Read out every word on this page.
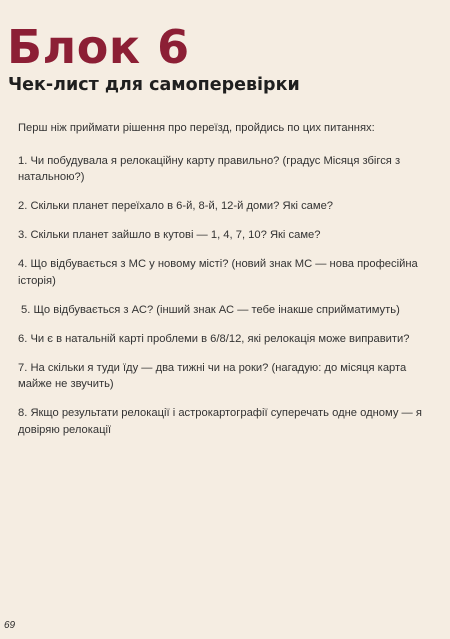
Блок 6
Чек-лист для самоперевірки

Перш ніж приймати рішення про переїзд, пройдись по цих питаннях:

1. Чи побудувала я релокаційну карту правильно? (градус Місяця збігся з натальною?)

2. Скільки планет переїхало в 6-й, 8-й, 12-й доми? Які саме?

3. Скільки планет зайшло в кутові — 1, 4, 7, 10? Які саме?

4. Що відбувається з МС у новому місті? (новий знак МС — нова професійна історія)

5. Що відбувається з АС? (інший знак АС — тебе інакше сприйматимуть)

6. Чи є в натальній карті проблеми в 6/8/12, які релокація може виправити?

7. На скільки я туди їду — два тижні чи на роки? (нагадую: до місяця карта майже не звучить)

8. Якщо результати релокації і астрокартографії суперечать одне одному — я довіряю релокації

69
